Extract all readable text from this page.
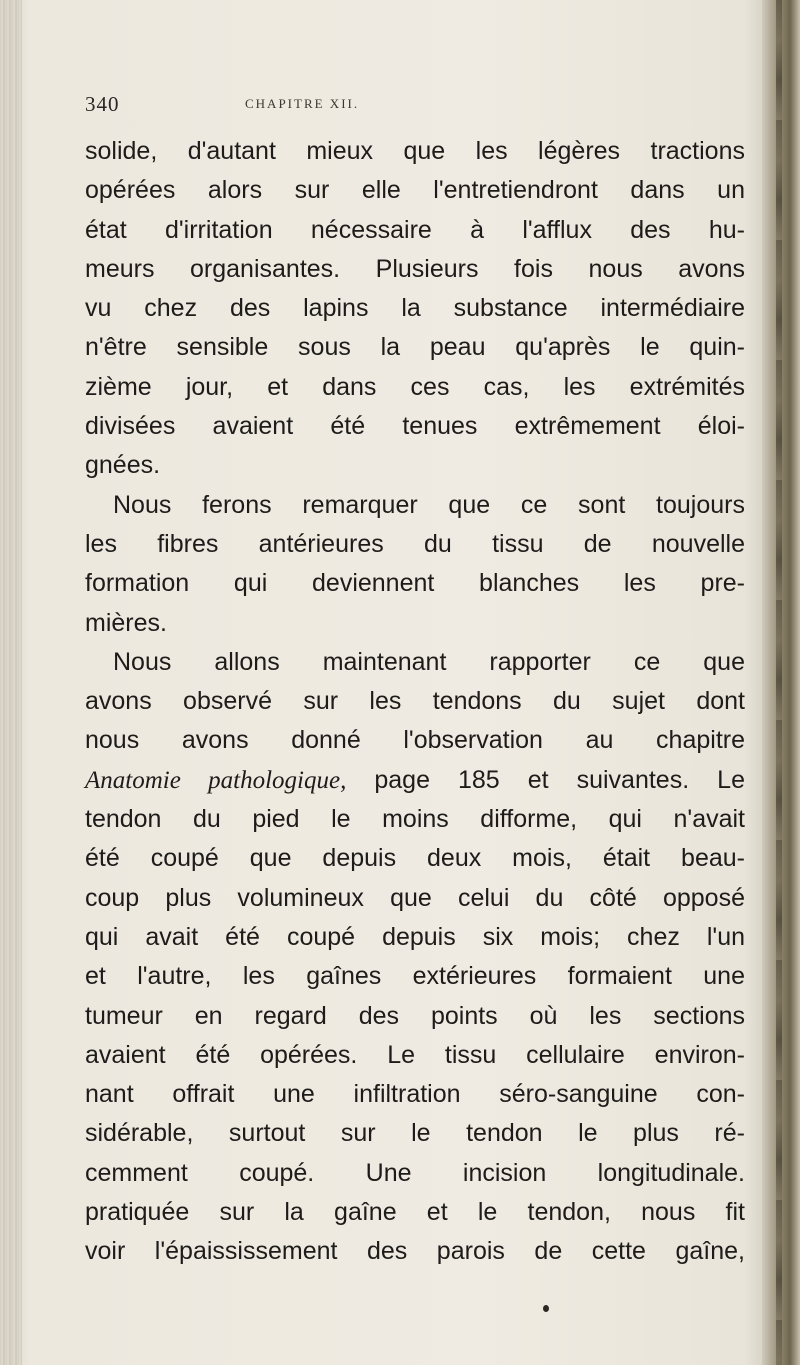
340	CHAPITRE XII.
solide, d'autant mieux que les légères tractions
opérées alors sur elle l'entretiendront dans un
état d'irritation nécessaire à l'afflux des hu-
meurs organisantes. Plusieurs fois nous avons
vu chez des lapins la substance intermédiaire
n'être sensible sous la peau qu'après le quin-
zième jour, et dans ces cas, les extrémités
divisées avaient été tenues extrêmement éloi-
gnées.
Nous ferons remarquer que ce sont toujours
les fibres antérieures du tissu de nouvelle
formation qui deviennent blanches les pre-
mières.
Nous allons maintenant rapporter ce que
avons observé sur les tendons du sujet dont
nous avons donné l'observation au chapitre
Anatomie pathologique, page 185 et suivantes. Le
tendon du pied le moins difforme, qui n'avait
été coupé que depuis deux mois, était beau-
coup plus volumineux que celui du côté opposé
qui avait été coupé depuis six mois; chez l'un
et l'autre, les gaînes extérieures formaient une
tumeur en regard des points où les sections
avaient été opérées. Le tissu cellulaire environ-
nant offrait une infiltration séro-sanguine con-
sidérable, surtout sur le tendon le plus ré-
cemment coupé. Une incision longitudinale.
pratiquée sur la gaîne et le tendon, nous fit
voir l'épaississement des parois de cette gaîne,
